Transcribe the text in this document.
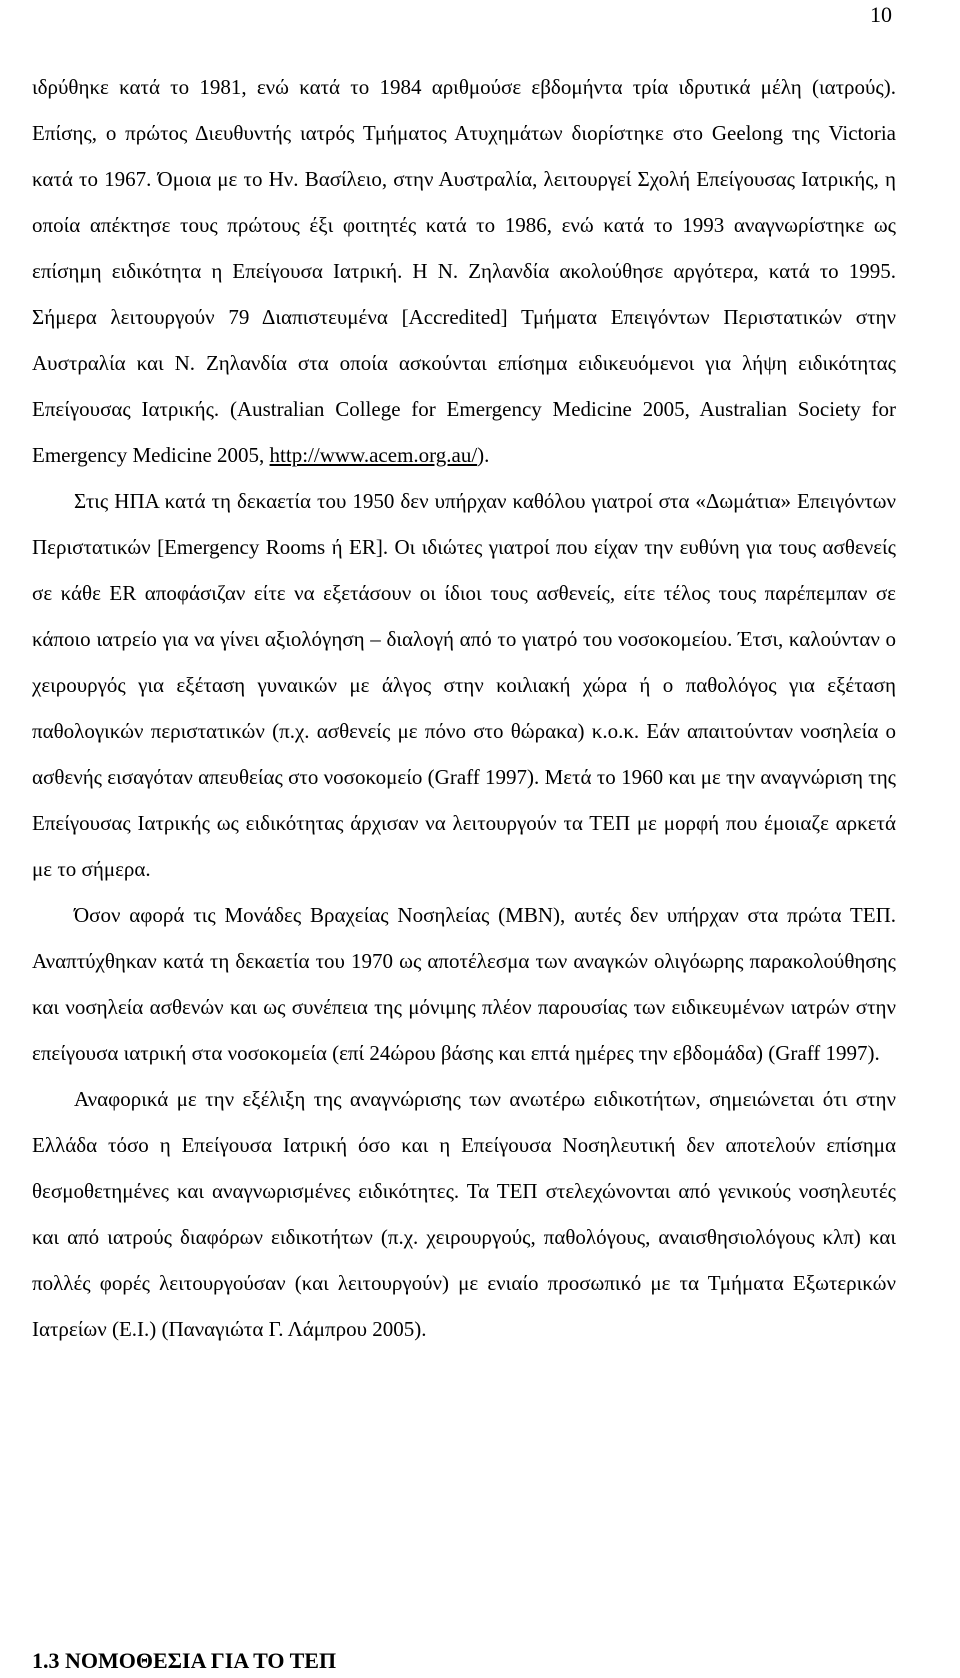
10

ιδρύθηκε κατά το 1981, ενώ κατά το 1984 αριθμούσε εβδομήντα τρία ιδρυτικά μέλη (ιατρούς). Επίσης, ο πρώτος Διευθυντής ιατρός Τμήματος Ατυχημάτων διορίστηκε στο Geelong της Victoria κατά το 1967. Όμοια με το Ην. Βασίλειο, στην Αυστραλία, λειτουργεί Σχολή Επείγουσας Ιατρικής, η οποία απέκτησε τους πρώτους έξι φοιτητές κατά το 1986, ενώ κατά το 1993 αναγνωρίστηκε ως επίσημη ειδικότητα η Επείγουσα Ιατρική. Η Ν. Ζηλανδία ακολούθησε αργότερα, κατά το 1995. Σήμερα λειτουργούν 79 Διαπιστευμένα [Accredited] Τμήματα Επειγόντων Περιστατικών στην Αυστραλία και Ν. Ζηλανδία στα οποία ασκούνται επίσημα ειδικευόμενοι για λήψη ειδικότητας Επείγουσας Ιατρικής. (Australian College for Emergency Medicine 2005, Australian Society for Emergency Medicine 2005, http://www.acem.org.au/).

Στις ΗΠΑ κατά τη δεκαετία του 1950 δεν υπήρχαν καθόλου γιατροί στα «Δωμάτια» Επειγόντων Περιστατικών [Emergency Rooms ή ER]. Οι ιδιώτες γιατροί που είχαν την ευθύνη για τους ασθενείς σε κάθε ER αποφάσιζαν είτε να εξετάσουν οι ίδιοι τους ασθενείς, είτε τέλος τους παρέπεμπαν σε κάποιο ιατρείο για να γίνει αξιολόγηση – διαλογή από το γιατρό του νοσοκομείου. Έτσι, καλούνταν ο χειρουργός για εξέταση γυναικών με άλγος στην κοιλιακή χώρα ή ο παθολόγος για εξέταση παθολογικών περιστατικών (π.χ. ασθενείς με πόνο στο θώρακα) κ.ο.κ. Εάν απαιτούνταν νοσηλεία ο ασθενής εισαγόταν απευθείας στο νοσοκομείο (Graff 1997). Μετά το 1960 και με την αναγνώριση της Επείγουσας Ιατρικής ως ειδικότητας άρχισαν να λειτουργούν τα ΤΕΠ με μορφή που έμοιαζε αρκετά με το σήμερα.

Όσον αφορά τις Μονάδες Βραχείας Νοσηλείας (ΜΒΝ), αυτές δεν υπήρχαν στα πρώτα ΤΕΠ. Αναπτύχθηκαν κατά τη δεκαετία του 1970 ως αποτέλεσμα των αναγκών ολιγόωρης παρακολούθησης και νοσηλεία ασθενών και ως συνέπεια της μόνιμης πλέον παρουσίας των ειδικευμένων ιατρών στην επείγουσα ιατρική στα νοσοκομεία (επί 24ώρου βάσης και επτά ημέρες την εβδομάδα) (Graff 1997).

Αναφορικά με την εξέλιξη της αναγνώρισης των ανωτέρω ειδικοτήτων, σημειώνεται ότι στην Ελλάδα τόσο η Επείγουσα Ιατρική όσο και η Επείγουσα Νοσηλευτική δεν αποτελούν επίσημα θεσμοθετημένες και αναγνωρισμένες ειδικότητες. Τα ΤΕΠ στελεχώνονται από γενικούς νοσηλευτές και από ιατρούς διαφόρων ειδικοτήτων (π.χ. χειρουργούς, παθολόγους, αναισθησιολόγους κλπ) και πολλές φορές λειτουργούσαν (και λειτουργούν) με ενιαίο προσωπικό με τα Τμήματα Εξωτερικών Ιατρείων (Ε.Ι.) (Παναγιώτα Γ. Λάμπρου 2005).

1.3 ΝΟΜΟΘΕΣΙΑ ΓΙΑ ΤΟ ΤΕΠ
